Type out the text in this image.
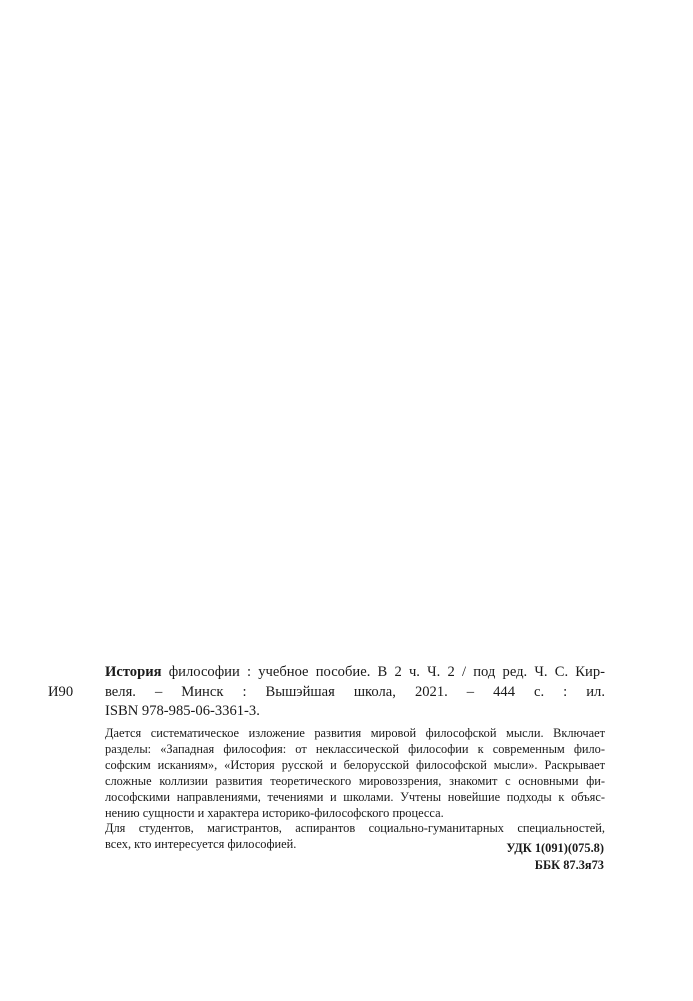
И90
История философии : учебное пособие. В 2 ч. Ч. 2 / под ред. Ч. С. Кир-
веля. – Минск : Вышэйшая школа, 2021. – 444 с. : ил.
ISBN 978-985-06-3361-3.
Дается систематическое изложение развития мировой философской мысли. Включает
разделы: «Западная философия: от неклассической философии к современным фило-
софским исканиям», «История русской и белорусской философской мысли». Раскрывает
сложные коллизии развития теоретического мировоззрения, знакомит с основными фи-
лософскими направлениями, течениями и школами. Учтены новейшие подходы к объяс-
нению сущности и характера историко-философского процесса.
Для студентов, магистрантов, аспирантов социально-гуманитарных специальностей,
всех, кто интересуется философией.	УДК 1(091)(075.8)
ББК 87.3я73
